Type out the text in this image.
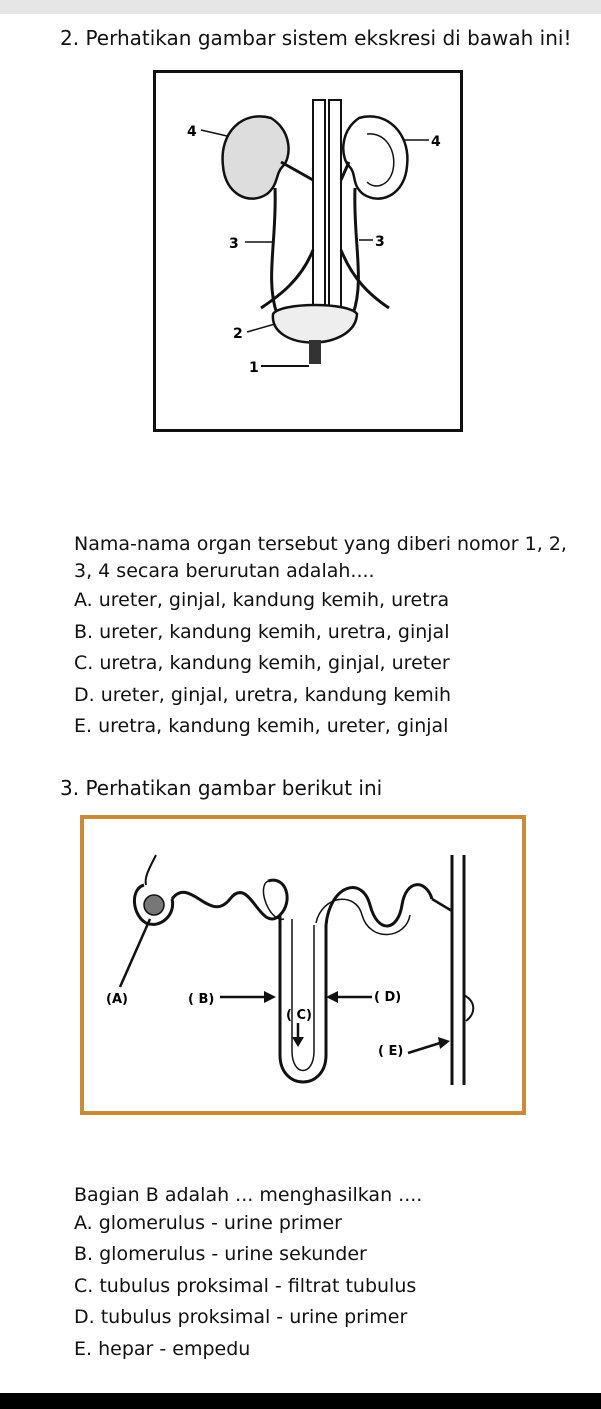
2. Perhatikan gambar sistem ekskresi di bawah ini!
4
4
3	3
2
1
Nama-nama organ tersebut yang diberi nomor 1, 2,
3, 4 secara berurutan adalah....
A. ureter, ginjal, kandung kemih, uretra
B. ureter, kandung kemih, uretra, ginjal
C. uretra, kandung kemih, ginjal, ureter
D. ureter, ginjal, uretra, kandung kemih
E. uretra, kandung kemih, ureter, ginjal
3. Perhatikan gambar berikut ini
(A)	( B)
( C)
( D)
( E)
Bagian B adalah ... menghasilkan ....
A. glomerulus - urine primer
B. glomerulus - urine sekunder
C. tubulus proksimal - filtrat tubulus
D. tubulus proksimal - urine primer
E. hepar - empedu
